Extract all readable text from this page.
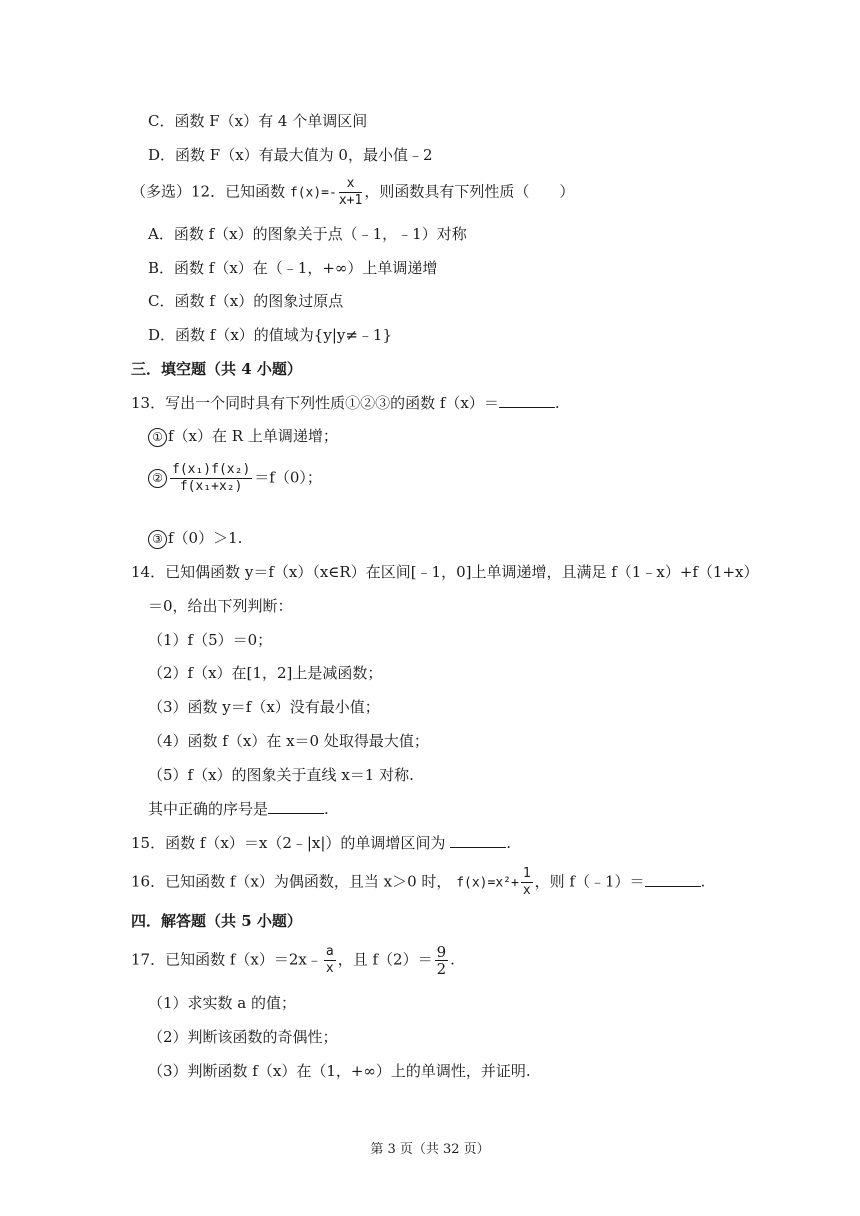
C．函数 F（x）有 4 个单调区间
D．函数 F（x）有最大值为 0，最小值﹣2
（多选）12．已知函数 $f(x)=- \frac{x}{x+1}$ ，则函数具有下列性质（　　）
A．函数 f（x）的图象关于点（﹣1，﹣1）对称
B．函数 f（x）在（﹣1，+∞）上单调递增
C．函数 f（x）的图象过原点
D．函数 f（x）的值域为{y|y≠﹣1}
三．填空题（共 4 小题）
13．写出一个同时具有下列性质①②③的函数 f（x）＝	.
① f（x）在 R 上单调递增；
② $\frac{\text{f(x₁)f(x₂)}}{\text{f(x₁+x₂)}} =f(0)$；
③ f（0）＞1.
14．已知偶函数 y＝f（x）（x∈R）在区间[﹣1，0]上单调递增，且满足 f（1﹣x）+f（1+x）
＝0，给出下列判断：
（1）f（5）＝0；
（2）f（x）在[1，2]上是减函数；
（3）函数 y＝f（x）没有最小值；
（4）函数 f（x）在 x＝0 处取得最大值；
（5）f（x）的图象关于直线 x＝1 对称.
其中正确的序号是	.
15．函数 f（x）＝x（2﹣|x|）的单调增区间为	.
16．已知函数 f（x）为偶函数，且当 x＞0 时， $f(x)=x^2+ \frac{1}{x}$ ，则 f（﹣1）＝	.
四．解答题（共 5 小题）
17．已知函数 f（x）＝2x﹣ $\frac{a}{x}$ ，且 $f(2)= \frac{9}{2}$ .
（1）求实数 a 的值；
（2）判断该函数的奇偶性；
（3）判断函数 f（x）在（1，+∞）上的单调性，并证明.
第 3 页（共 32 页）
